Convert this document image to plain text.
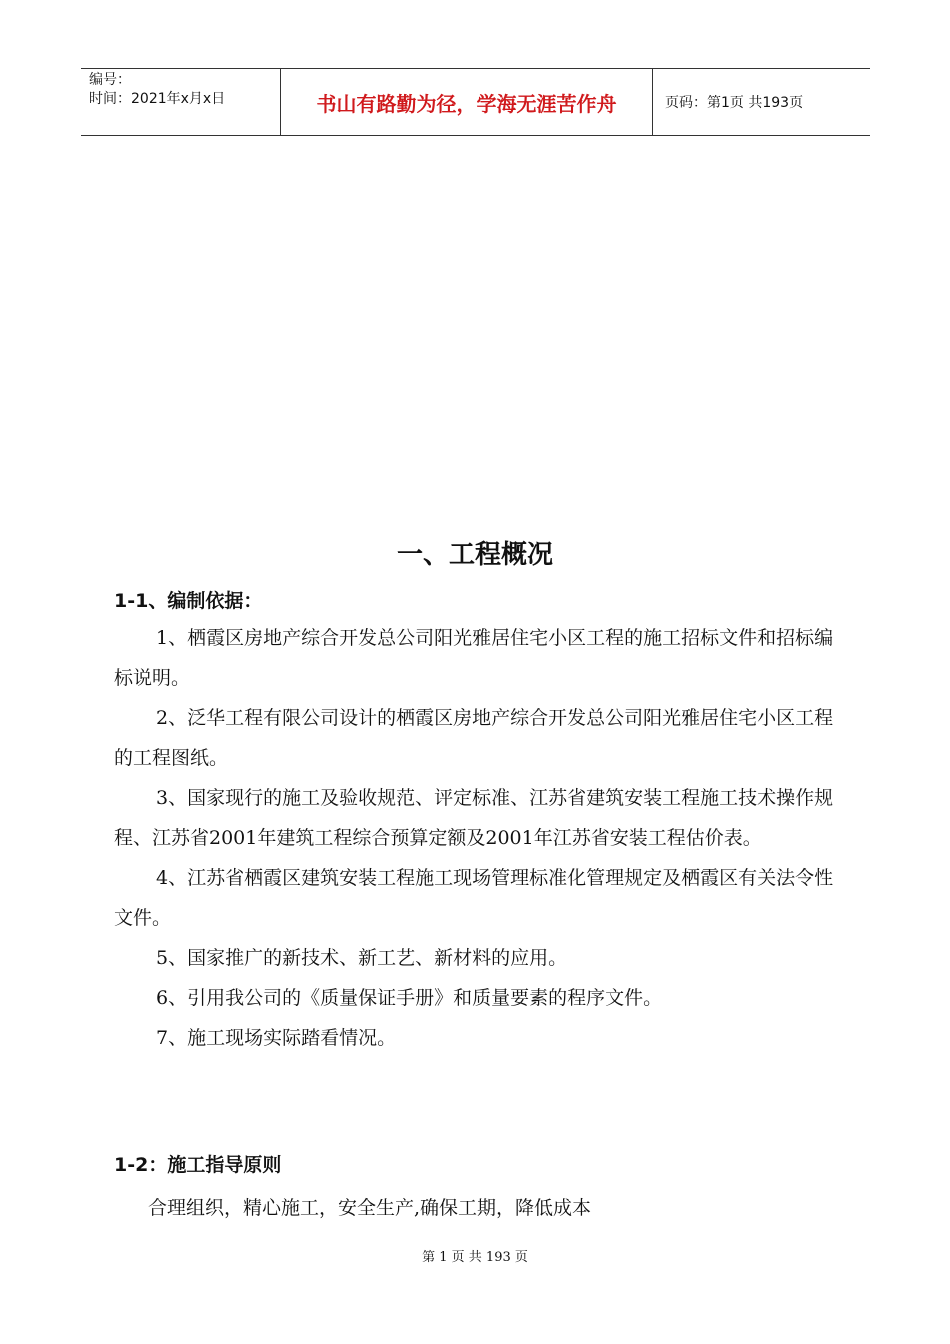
编号：
时间：2021年x月x日	书山有路勤为径，学海无涯苦作舟	页码：第1页 共193页
一、工程概况
1-1、编制依据：

1、栖霞区房地产综合开发总公司阳光雅居住宅小区工程的施工招标文件和招标编标说明。

2、泛华工程有限公司设计的栖霞区房地产综合开发总公司阳光雅居住宅小区工程的工程图纸。

3、国家现行的施工及验收规范、评定标准、江苏省建筑安装工程施工技术操作规程、江苏省2001年建筑工程综合预算定额及2001年江苏省安装工程估价表。

4、江苏省栖霞区建筑安装工程施工现场管理标准化管理规定及栖霞区有关法令性文件。

5、国家推广的新技术、新工艺、新材料的应用。

6、引用我公司的《质量保证手册》和质量要素的程序文件。

7、施工现场实际踏看情况。

1-2：施工指导原则
合理组织，精心施工，安全生产,确保工期，降低成本
第 1 页 共 193 页
